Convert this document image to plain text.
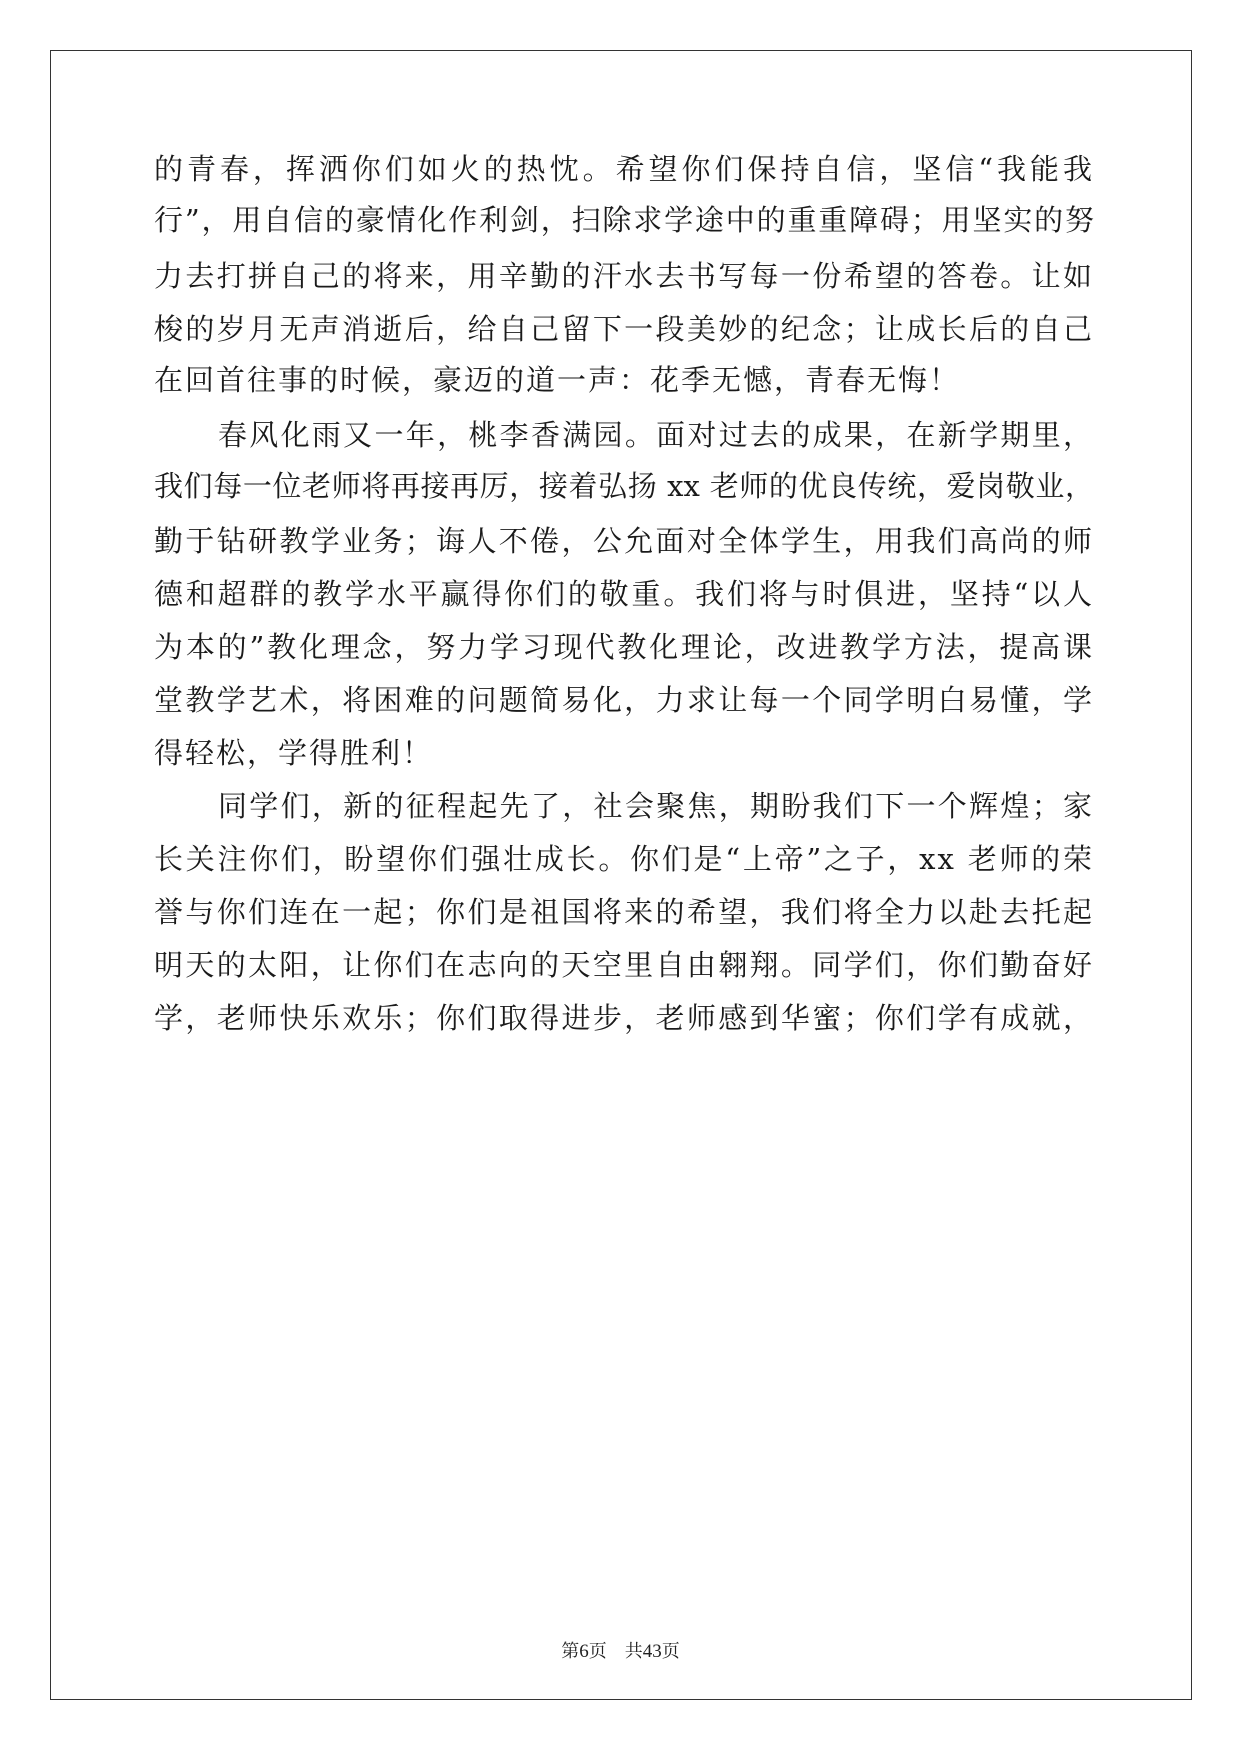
的青春，挥洒你们如火的热忱。希望你们保持自信，坚信“我能我
行”，用自信的豪情化作利剑，扫除求学途中的重重障碍；用坚实的努
力去打拼自己的将来，用辛勤的汗水去书写每一份希望的答卷。让如
梭的岁月无声消逝后，给自己留下一段美妙的纪念；让成长后的自己
在回首往事的时候，豪迈的道一声：花季无憾，青春无悔！
春风化雨又一年，桃李香满园。面对过去的成果，在新学期里，
我们每一位老师将再接再厉，接着弘扬 xx 老师的优良传统，爱岗敬业，
勤于钻研教学业务；诲人不倦，公允面对全体学生，用我们高尚的师
德和超群的教学水平赢得你们的敬重。我们将与时俱进，坚持“以人
为本的”教化理念，努力学习现代教化理论，改进教学方法，提高课
堂教学艺术，将困难的问题简易化，力求让每一个同学明白易懂，学
得轻松，学得胜利！
同学们，新的征程起先了，社会聚焦，期盼我们下一个辉煌；家
长关注你们，盼望你们强壮成长。你们是“上帝”之子，xx 老师的荣
誉与你们连在一起；你们是祖国将来的希望，我们将全力以赴去托起
明天的太阳，让你们在志向的天空里自由翱翔。同学们，你们勤奋好
学，老师快乐欢乐；你们取得进步，老师感到华蜜；你们学有成就，
第6页 共43页
